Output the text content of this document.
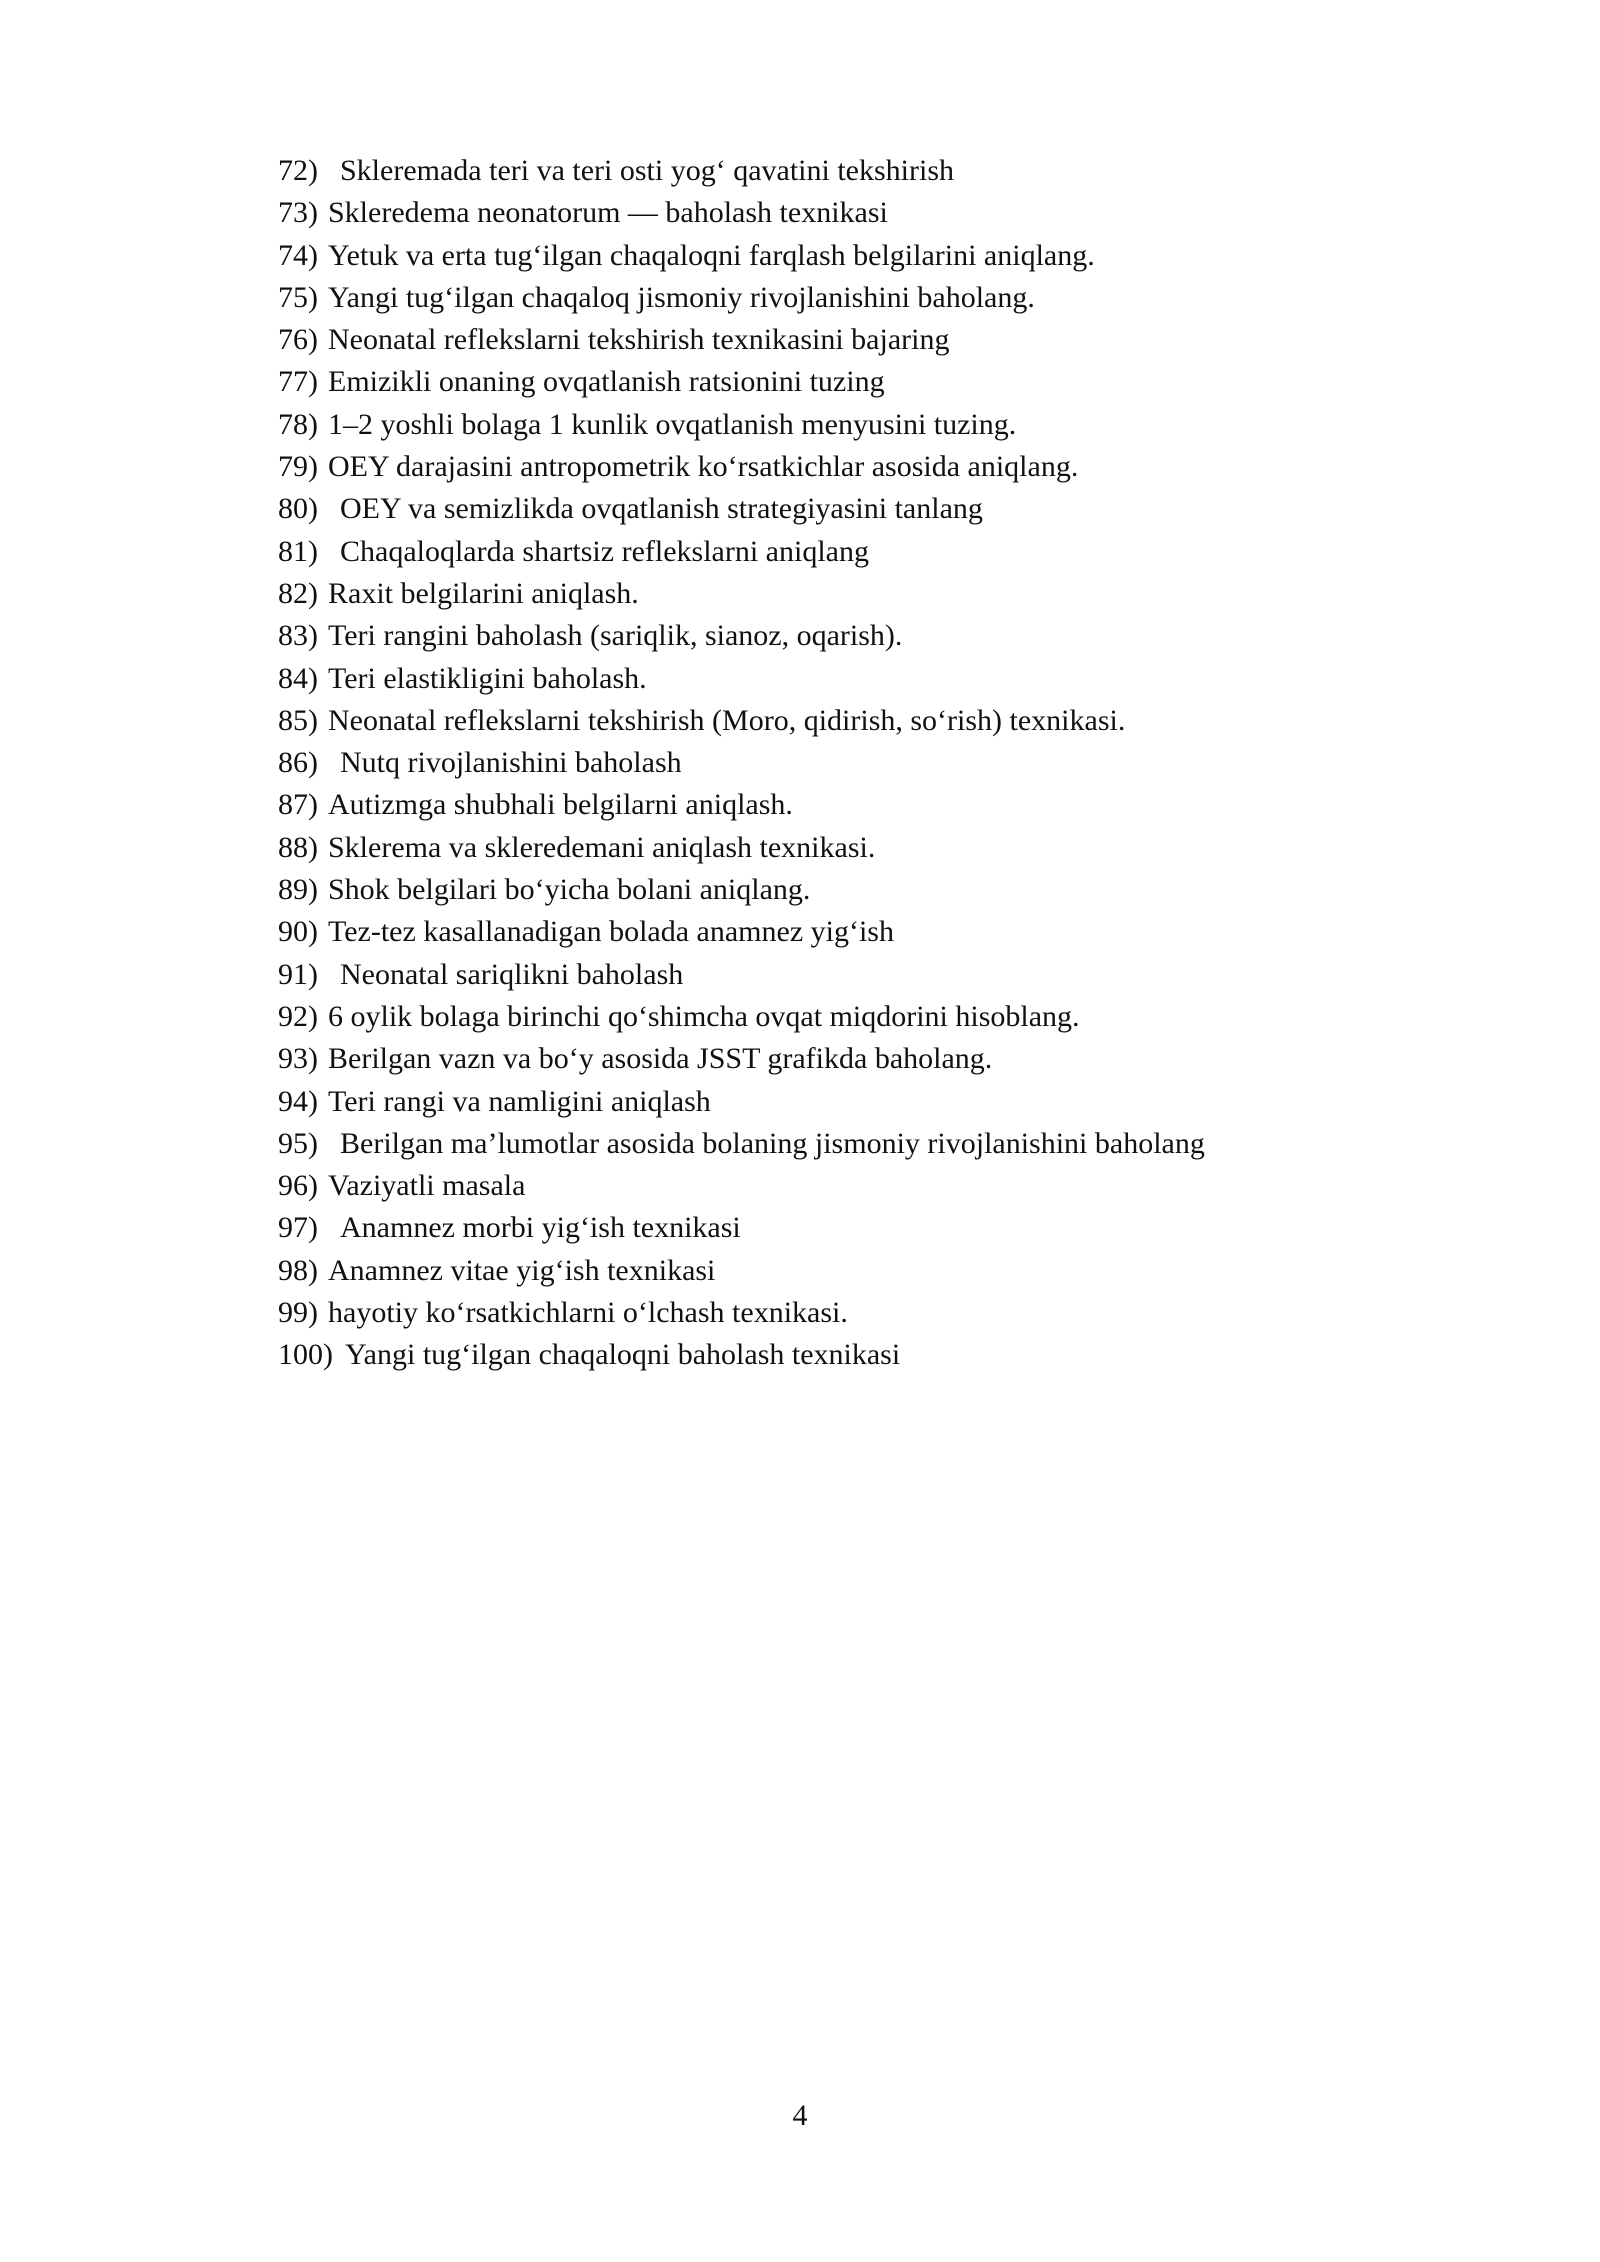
72) Skleremada teri va teri osti yog‘ qavatini tekshirish
73) Skleredema neonatorum — baholash texnikasi
74) Yetuk va erta tug‘ilgan chaqaloqni farqlash belgilarini aniqlang.
75) Yangi tug‘ilgan chaqaloq jismoniy rivojlanishini baholang.
76) Neonatal reflekslarni tekshirish texnikasini bajaring
77) Emizikli onaning ovqatlanish ratsionini tuzing
78) 1–2 yoshli bolaga 1 kunlik ovqatlanish menyusini tuzing.
79) OEY darajasini antropometrik ko‘rsatkichlar asosida aniqlang.
80) OEY va semizlikda ovqatlanish strategiyasini tanlang
81) Chaqaloqlarda shartsiz reflekslarni aniqlang
82) Raxit belgilarini aniqlash.
83) Teri rangini baholash (sariqlik, sianoz, oqarish).
84) Teri elastikligini baholash.
85) Neonatal reflekslarni tekshirish (Moro, qidirish, so‘rish) texnikasi.
86) Nutq rivojlanishini baholash
87) Autizmga shubhali belgilarni aniqlash.
88) Sklerema va skleredemani aniqlash texnikasi.
89) Shok belgilari bo‘yicha bolani aniqlang.
90) Tez-tez kasallanadigan bolada anamnez yig‘ish
91) Neonatal sariqlikni baholash
92) 6 oylik bolaga birinchi qo‘shimcha ovqat miqdorini hisoblang.
93) Berilgan vazn va bo‘y asosida JSST grafikda baholang.
94) Teri rangi va namligini aniqlash
95) Berilgan ma’lumotlar asosida bolaning jismoniy rivojlanishini baholang
96) Vaziyatli masala
97) Anamnez morbi yig‘ish texnikasi
98) Anamnez vitae yig‘ish texnikasi
99) hayotiy ko‘rsatkichlarni o‘lchash texnikasi.
100) Yangi tug‘ilgan chaqaloqni baholash texnikasi
4
